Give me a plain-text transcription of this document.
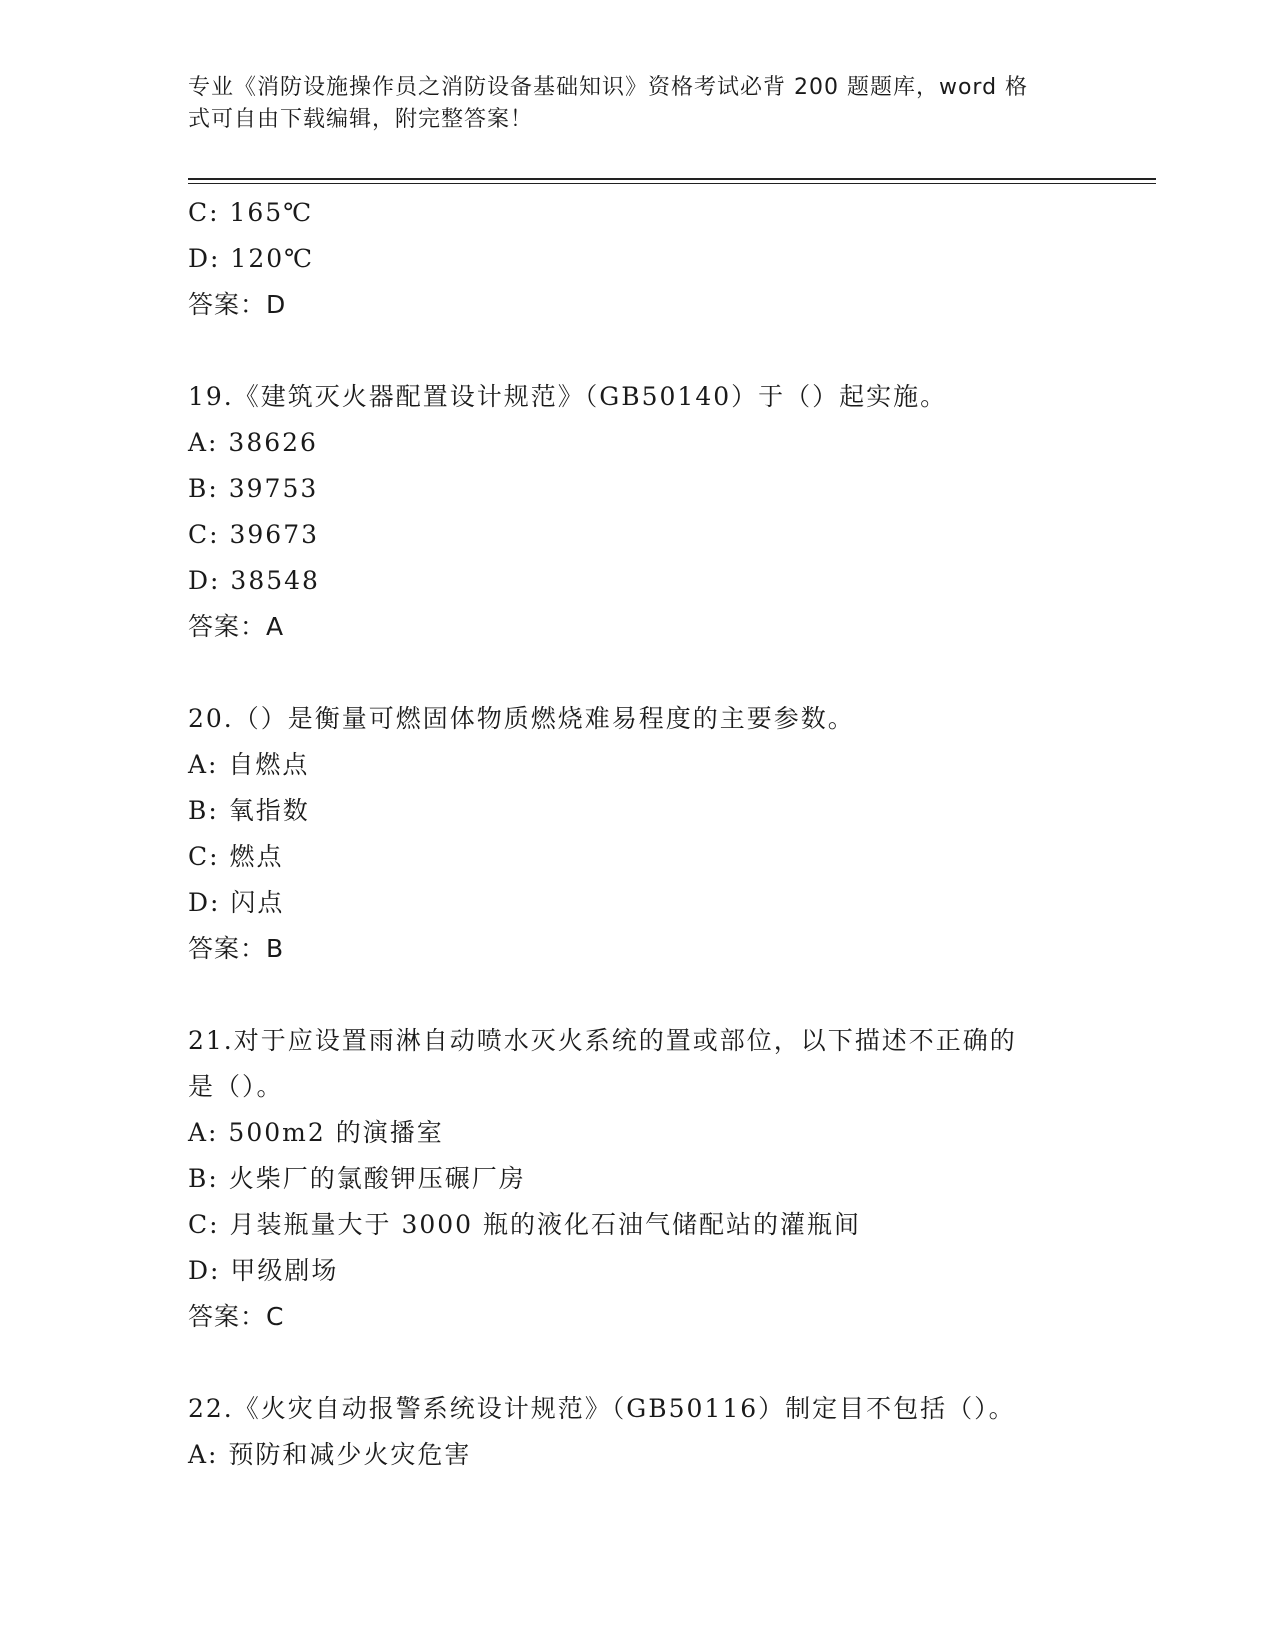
专业《消防设施操作员之消防设备基础知识》资格考试必背 200 题题库，word 格
式可自由下载编辑，附完整答案！
C: 165℃
D: 120℃
答案：D
19.《建筑灭火器配置设计规范》（GB50140）于（）起实施。
A: 38626
B: 39753
C: 39673
D: 38548
答案：A
20.（）是衡量可燃固体物质燃烧难易程度的主要参数。
A: 自燃点
B: 氧指数
C: 燃点
D: 闪点
答案：B
21.对于应设置雨淋自动喷水灭火系统的置或部位，以下描述不正确的
是（）。
A: 500m2 的演播室
B: 火柴厂的氯酸钾压碾厂房
C: 月装瓶量大于 3000 瓶的液化石油气储配站的灌瓶间
D: 甲级剧场
答案：C
22.《火灾自动报警系统设计规范》（GB50116）制定目不包括（）。
A: 预防和减少火灾危害
